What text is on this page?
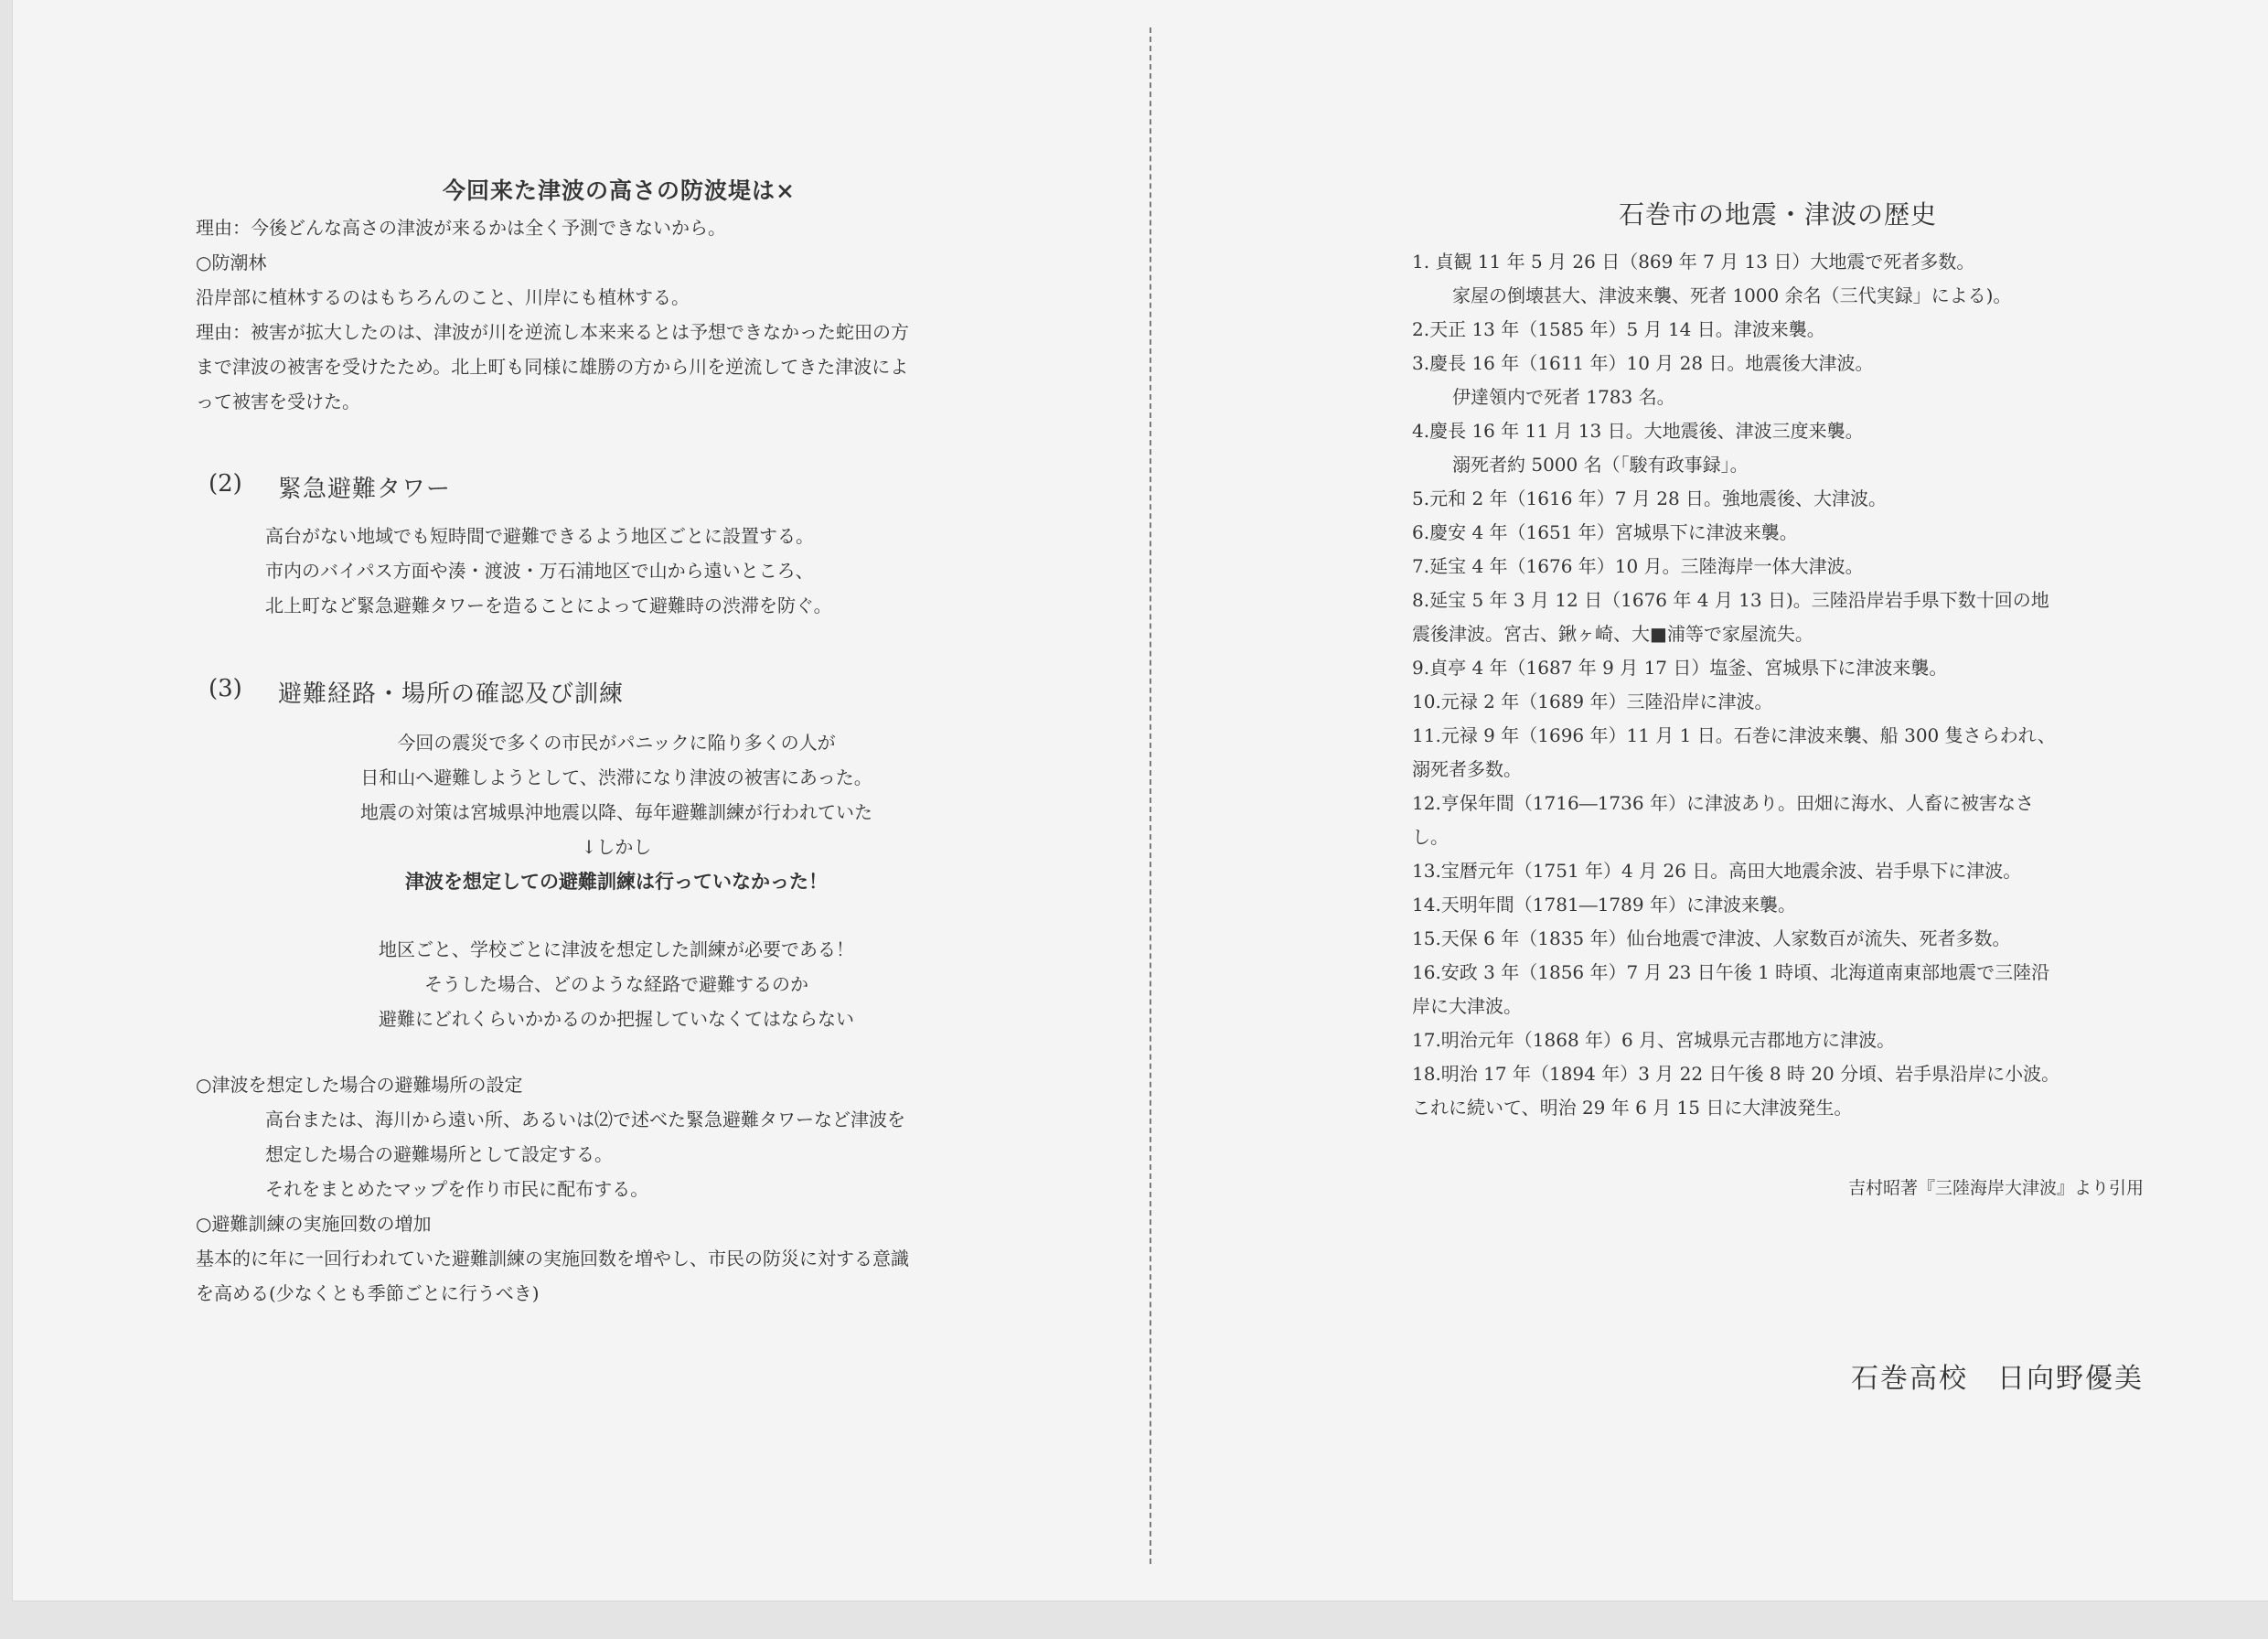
今回来た津波の高さの防波堤は×
理由：今後どんな高さの津波が来るかは全く予測できないから。
○防潮林
沿岸部に植林するのはもちろんのこと、川岸にも植林する。
理由：被害が拡大したのは、津波が川を逆流し本来来るとは予想できなかった蛇田の方
まで津波の被害を受けたため。北上町も同様に雄勝の方から川を逆流してきた津波によ
って被害を受けた。
(2) 緊急避難タワー
高台がない地域でも短時間で避難できるよう地区ごとに設置する。
市内のバイパス方面や湊・渡波・万石浦地区で山から遠いところ、
北上町など緊急避難タワーを造ることによって避難時の渋滞を防ぐ。
(3) 避難経路・場所の確認及び訓練
今回の震災で多くの市民がパニックに陥り多くの人が
日和山へ避難しようとして、渋滞になり津波の被害にあった。
地震の対策は宮城県沖地震以降、毎年避難訓練が行われていた
↓しかし
津波を想定しての避難訓練は行っていなかった！
地区ごと、学校ごとに津波を想定した訓練が必要である！
そうした場合、どのような経路で避難するのか
避難にどれくらいかかるのか把握していなくてはならない
○津波を想定した場合の避難場所の設定
高台または、海川から遠い所、あるいは⑵で述べた緊急避難タワーなど津波を
想定した場合の避難場所として設定する。
それをまとめたマップを作り市民に配布する。
○避難訓練の実施回数の増加
基本的に年に一回行われていた避難訓練の実施回数を増やし、市民の防災に対する意識
を高める(少なくとも季節ごとに行うべき)
石巻市の地震・津波の歴史
1. 貞観 11 年 5 月 26 日（869 年 7 月 13 日）大地震で死者多数。
家屋の倒壊甚大、津波来襲、死者 1000 余名（三代実録」による)。
2.天正 13 年（1585 年）5 月 14 日。津波来襲。
3.慶長 16 年（1611 年）10 月 28 日。地震後大津波。
伊達領内で死者 1783 名。
4.慶長 16 年 11 月 13 日。大地震後、津波三度来襲。
溺死者約 5000 名（「駿有政事録」。
5.元和 2 年（1616 年）7 月 28 日。強地震後、大津波。
6.慶安 4 年（1651 年）宮城県下に津波来襲。
7.延宝 4 年（1676 年）10 月。三陸海岸一体大津波。
8.延宝 5 年 3 月 12 日（1676 年 4 月 13 日)。三陸沿岸岩手県下数十回の地
震後津波。宮古、鍬ヶ崎、大■浦等で家屋流失。
9.貞亭 4 年（1687 年 9 月 17 日）塩釜、宮城県下に津波来襲。
10.元禄 2 年（1689 年）三陸沿岸に津波。
11.元禄 9 年（1696 年）11 月 1 日。石巻に津波来襲、船 300 隻さらわれ、
溺死者多数。
12.亨保年間（1716―1736 年）に津波あり。田畑に海水、人畜に被害なさ
し。
13.宝暦元年（1751 年）4 月 26 日。高田大地震余波、岩手県下に津波。
14.天明年間（1781―1789 年）に津波来襲。
15.天保 6 年（1835 年）仙台地震で津波、人家数百が流失、死者多数。
16.安政 3 年（1856 年）7 月 23 日午後 1 時頃、北海道南東部地震で三陸沿
岸に大津波。
17.明治元年（1868 年）6 月、宮城県元吉郡地方に津波。
18.明治 17 年（1894 年）3 月 22 日午後 8 時 20 分頃、岩手県沿岸に小波。
これに続いて、明治 29 年 6 月 15 日に大津波発生。
吉村昭著『三陸海岸大津波』より引用
石巻高校　日向野優美
